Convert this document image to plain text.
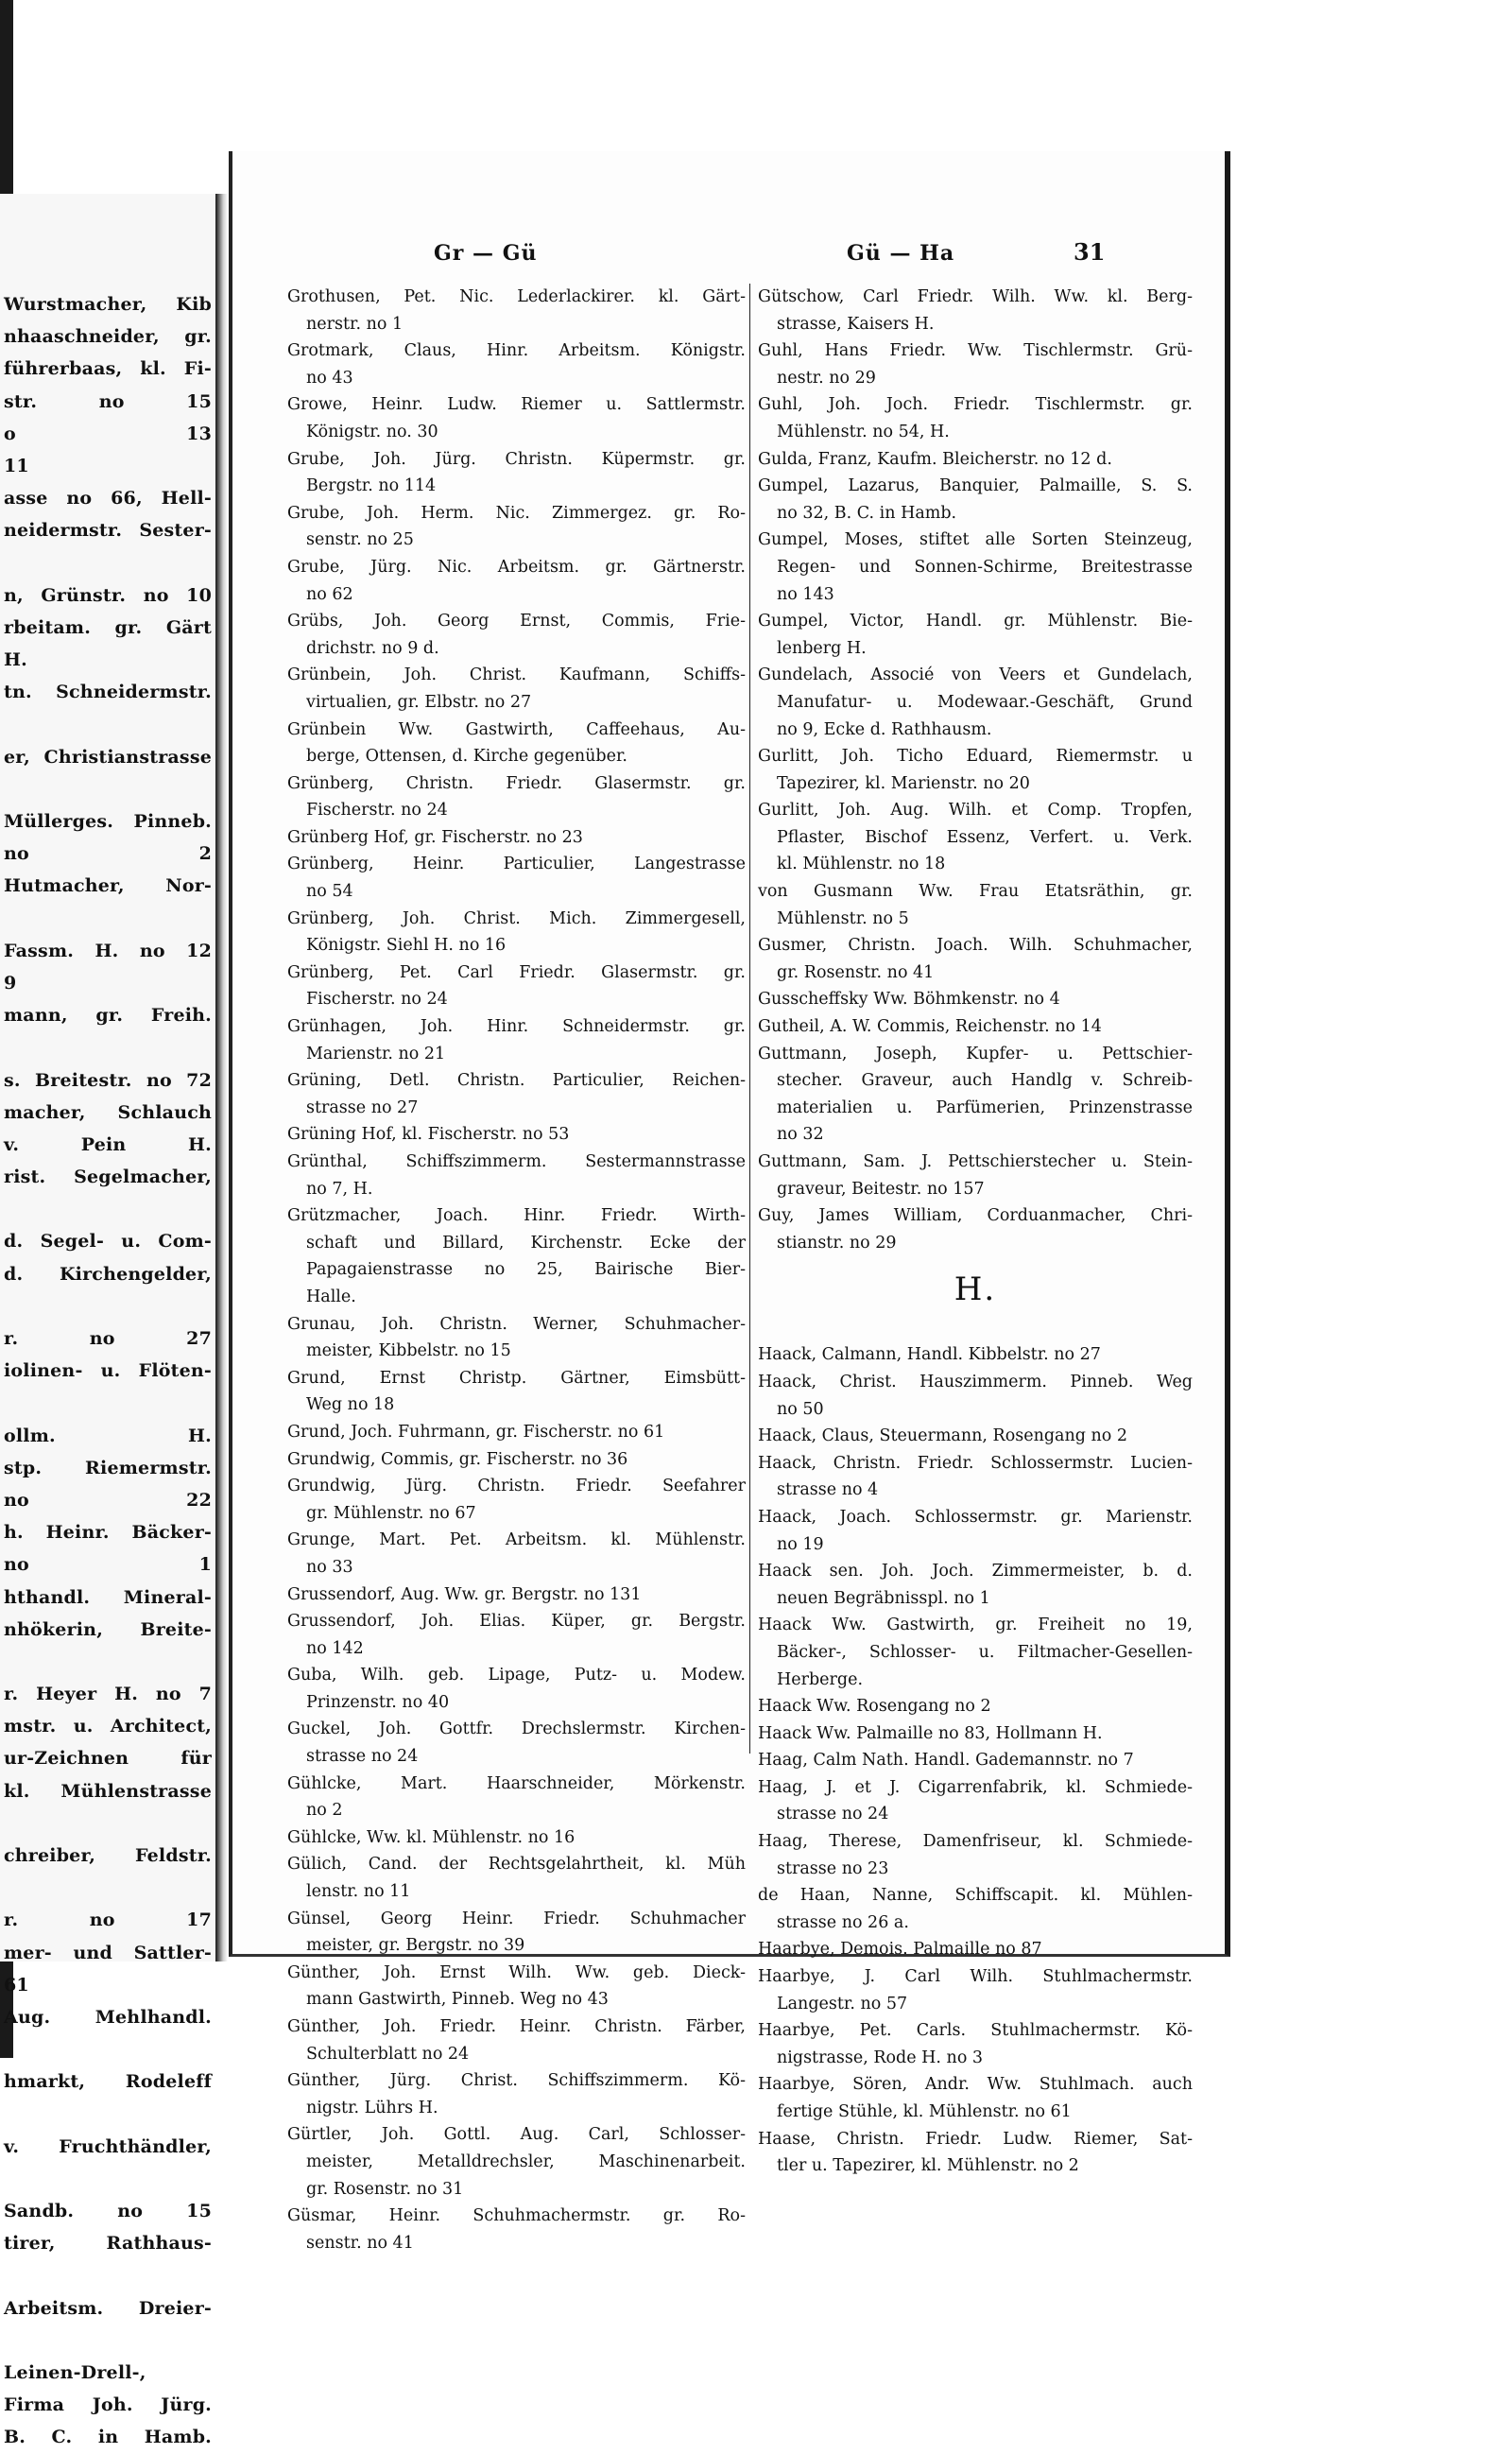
Wurstmacher, Kib
nhaaschneider, gr.
führerbaas, kl. Fi-
str. no 15
o 13
11
asse no 66, Hell-
neidermstr. Sester-
n, Grünstr. no 10
rbeitam. gr. Gärt
H.
tn. Schneidermstr.
er, Christianstrasse
Müllerges. Pinneb.
no 2
Hutmacher, Nor-
Fassm. H. no 12
9
mann, gr. Freih.
s. Breitestr. no 72
macher, Schlauch
v. Pein H.
rist. Segelmacher,
d. Segel- u. Com-
d. Kirchengelder,
r. no 27
iolinen- u. Flöten-
ollm. H.
stp. Riemermstr.
no 22
h. Heinr. Bäcker-
no 1
hthandl. Mineral-
nhökerin, Breite-
r. Heyer H. no 7
mstr. u. Architect,
ur-Zeichnen für
kl. Mühlenstrasse
chreiber, Feldstr.
r. no 17
mer- und Sattler-
61
Aug. Mehlhandl.
hmarkt, Rodeleff
v. Fruchthändler,
Sandb. no 15
tirer, Rathhaus-
Arbeitsm. Dreier-
Leinen-Drell-,
Firma Joh. Jürg.
B. C. in Hamb.
Gr — Gü	Gü — Ha	31
Grothusen, Pet. Nic. Lederlackirer. kl. Gärt-
nerstr. no 1
Grotmark, Claus, Hinr. Arbeitsm. Königstr.
no 43
Growe, Heinr. Ludw. Riemer u. Sattlermstr.
Königstr. no. 30
Grube, Joh. Jürg. Christn. Küpermstr. gr.
Bergstr. no 114
Grube, Joh. Herm. Nic. Zimmergez. gr. Ro-
senstr. no 25
Grube, Jürg. Nic. Arbeitsm. gr. Gärtnerstr.
no 62
Grübs, Joh. Georg Ernst, Commis, Frie-
drichstr. no 9 d.
Grünbein, Joh. Christ. Kaufmann, Schiffs-
virtualien, gr. Elbstr. no 27
Grünbein Ww. Gastwirth, Caffeehaus, Au-
berge, Ottensen, d. Kirche gegenüber.
Grünberg, Christn. Friedr. Glasermstr. gr.
Fischerstr. no 24
Grünberg Hof, gr. Fischerstr. no 23
Grünberg, Heinr. Particulier, Langestrasse
no 54
Grünberg, Joh. Christ. Mich. Zimmergesell,
Königstr. Siehl H. no 16
Grünberg, Pet. Carl Friedr. Glasermstr. gr.
Fischerstr. no 24
Grünhagen, Joh. Hinr. Schneidermstr. gr.
Marienstr. no 21
Grüning, Detl. Christn. Particulier, Reichen-
strasse no 27
Grüning Hof, kl. Fischerstr. no 53
Grünthal, Schiffszimmerm. Sestermannstrasse
no 7, H.
Grützmacher, Joach. Hinr. Friedr. Wirth-
schaft und Billard, Kirchenstr. Ecke der
Papagaienstrasse no 25, Bairische Bier-
Halle.
Grunau, Joh. Christn. Werner, Schuhmacher-
meister, Kibbelstr. no 15
Grund, Ernst Christp. Gärtner, Eimsbütt-
Weg no 18
Grund, Joch. Fuhrmann, gr. Fischerstr. no 61
Grundwig, Commis, gr. Fischerstr. no 36
Grundwig, Jürg. Christn. Friedr. Seefahrer
gr. Mühlenstr. no 67
Grunge, Mart. Pet. Arbeitsm. kl. Mühlenstr.
no 33
Grussendorf, Aug. Ww. gr. Bergstr. no 131
Grussendorf, Joh. Elias. Küper, gr. Bergstr.
no 142
Guba, Wilh. geb. Lipage, Putz- u. Modew.
Prinzenstr. no 40
Guckel, Joh. Gottfr. Drechslermstr. Kirchen-
strasse no 24
Gühlcke, Mart. Haarschneider, Mörkenstr.
no 2
Gühlcke, Ww. kl. Mühlenstr. no 16
Gülich, Cand. der Rechtsgelahrtheit, kl. Müh
lenstr. no 11
Günsel, Georg Heinr. Friedr. Schuhmacher
meister, gr. Bergstr. no 39
Günther, Joh. Ernst Wilh. Ww. geb. Dieck-
mann Gastwirth, Pinneb. Weg no 43
Günther, Joh. Friedr. Heinr. Christn. Färber,
Schulterblatt no 24
Günther, Jürg. Christ. Schiffszimmerm. Kö-
nigstr. Lührs H.
Gürtler, Joh. Gottl. Aug. Carl, Schlosser-
meister, Metalldrechsler, Maschinenarbeit.
gr. Rosenstr. no 31
Güsmar, Heinr. Schuhmachermstr. gr. Ro-
senstr. no 41
Gütschow, Carl Friedr. Wilh. Ww. kl. Berg-
strasse, Kaisers H.
Guhl, Hans Friedr. Ww. Tischlermstr. Grü-
nestr. no 29
Guhl, Joh. Joch. Friedr. Tischlermstr. gr.
Mühlenstr. no 54, H.
Gulda, Franz, Kaufm. Bleicherstr. no 12 d.
Gumpel, Lazarus, Banquier, Palmaille, S. S.
no 32, B. C. in Hamb.
Gumpel, Moses, stiftet alle Sorten Steinzeug,
Regen- und Sonnen-Schirme, Breitestrasse
no 143
Gumpel, Victor, Handl. gr. Mühlenstr. Bie-
lenberg H.
Gundelach, Associé von Veers et Gundelach,
Manufatur- u. Modewaar.-Geschäft, Grund
no 9, Ecke d. Rathhausm.
Gurlitt, Joh. Ticho Eduard, Riemermstr. u
Tapezirer, kl. Marienstr. no 20
Gurlitt, Joh. Aug. Wilh. et Comp. Tropfen,
Pflaster, Bischof Essenz, Verfert. u. Verk.
kl. Mühlenstr. no 18
von Gusmann Ww. Frau Etatsräthin, gr.
Mühlenstr. no 5
Gusmer, Christn. Joach. Wilh. Schuhmacher,
gr. Rosenstr. no 41
Gusscheffsky Ww. Böhmkenstr. no 4
Gutheil, A. W. Commis, Reichenstr. no 14
Guttmann, Joseph, Kupfer- u. Pettschier-
stecher. Graveur, auch Handlg v. Schreib-
materialien u. Parfümerien, Prinzenstrasse
no 32
Guttmann, Sam. J. Pettschierstecher u. Stein-
graveur, Beitestr. no 157
Guy, James William, Corduanmacher, Chri-
stianstr. no 29
H.
Haack, Calmann, Handl. Kibbelstr. no 27
Haack, Christ. Hauszimmerm. Pinneb. Weg
no 50
Haack, Claus, Steuermann, Rosengang no 2
Haack, Christn. Friedr. Schlossermstr. Lucien-
strasse no 4
Haack, Joach. Schlossermstr. gr. Marienstr.
no 19
Haack sen. Joh. Joch. Zimmermeister, b. d.
neuen Begräbnisspl. no 1
Haack Ww. Gastwirth, gr. Freiheit no 19,
Bäcker-, Schlosser- u. Filtmacher-Gesellen-
Herberge.
Haack Ww. Rosengang no 2
Haack Ww. Palmaille no 83, Hollmann H.
Haag, Calm Nath. Handl. Gademannstr. no 7
Haag, J. et J. Cigarrenfabrik, kl. Schmiede-
strasse no 24
Haag, Therese, Damenfriseur, kl. Schmiede-
strasse no 23
de Haan, Nanne, Schiffscapit. kl. Mühlen-
strasse no 26 a.
Haarbye, Demois. Palmaille no 87
Haarbye, J. Carl Wilh. Stuhlmachermstr.
Langestr. no 57
Haarbye, Pet. Carls. Stuhlmachermstr. Kö-
nigstrasse, Rode H. no 3
Haarbye, Sören, Andr. Ww. Stuhlmach. auch
fertige Stühle, kl. Mühlenstr. no 61
Haase, Christn. Friedr. Ludw. Riemer, Sat-
tler u. Tapezirer, kl. Mühlenstr. no 2
